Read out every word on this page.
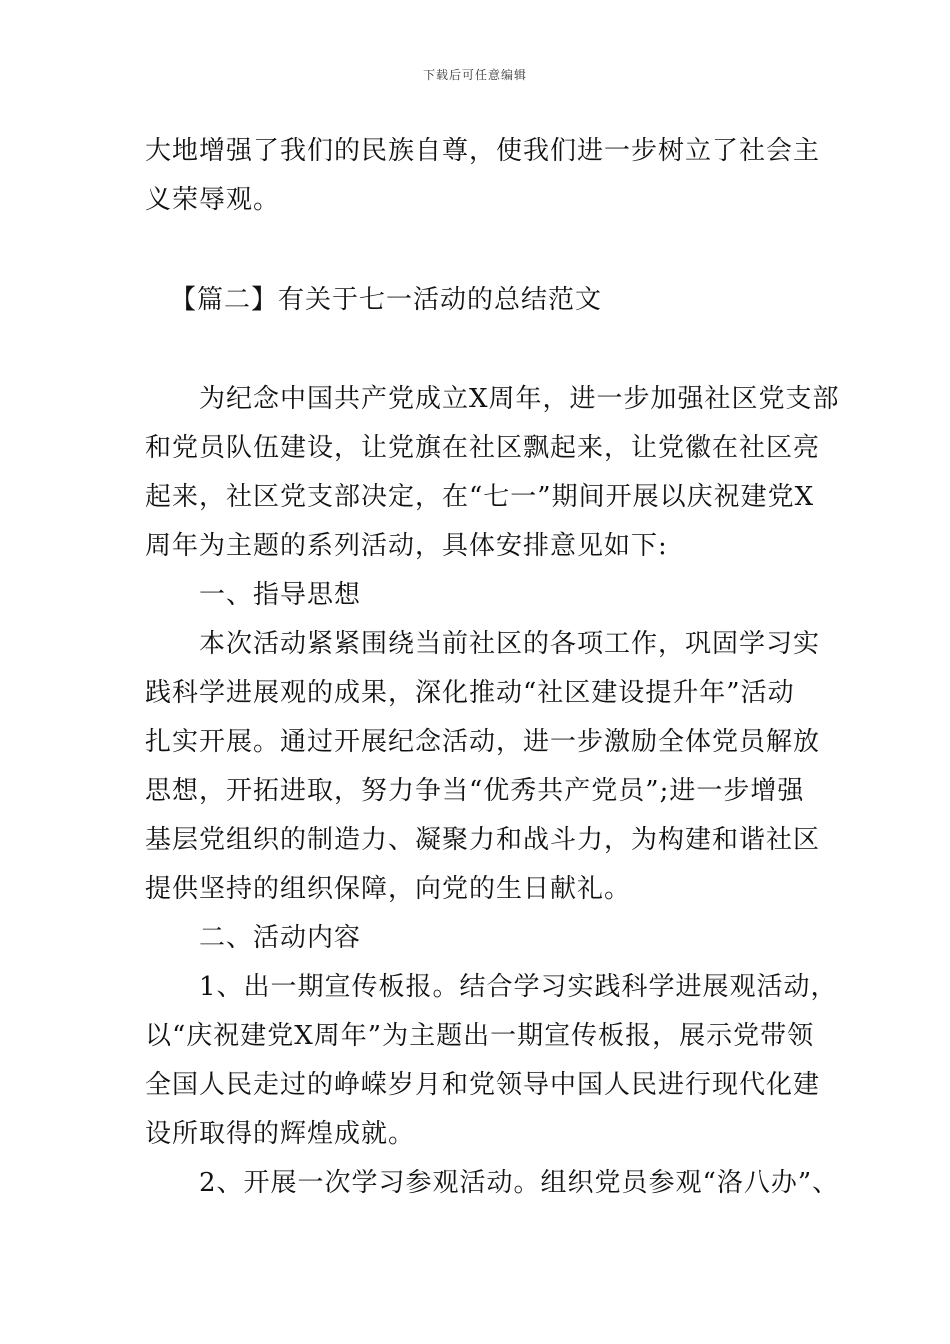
下载后可任意编辑
大地增强了我们的民族自尊，使我们进一步树立了社会主
义荣辱观。
【篇二】有关于七一活动的总结范文
　　为纪念中国共产党成立X周年，进一步加强社区党支部
和党员队伍建设，让党旗在社区飘起来，让党徽在社区亮
起来，社区党支部决定，在“七一”期间开展以庆祝建党X
周年为主题的系列活动，具体安排意见如下:
　　一、指导思想
　　本次活动紧紧围绕当前社区的各项工作，巩固学习实
践科学进展观的成果，深化推动“社区建设提升年”活动
扎实开展。通过开展纪念活动，进一步激励全体党员解放
思想，开拓进取，努力争当“优秀共产党员”;进一步增强
基层党组织的制造力、凝聚力和战斗力，为构建和谐社区
提供坚持的组织保障，向党的生日献礼。
　　二、活动内容
　　1、出一期宣传板报。结合学习实践科学进展观活动，
以“庆祝建党X周年”为主题出一期宣传板报，展示党带领
全国人民走过的峥嵘岁月和党领导中国人民进行现代化建
设所取得的辉煌成就。
　　2、开展一次学习参观活动。组织党员参观“洛八办”、
